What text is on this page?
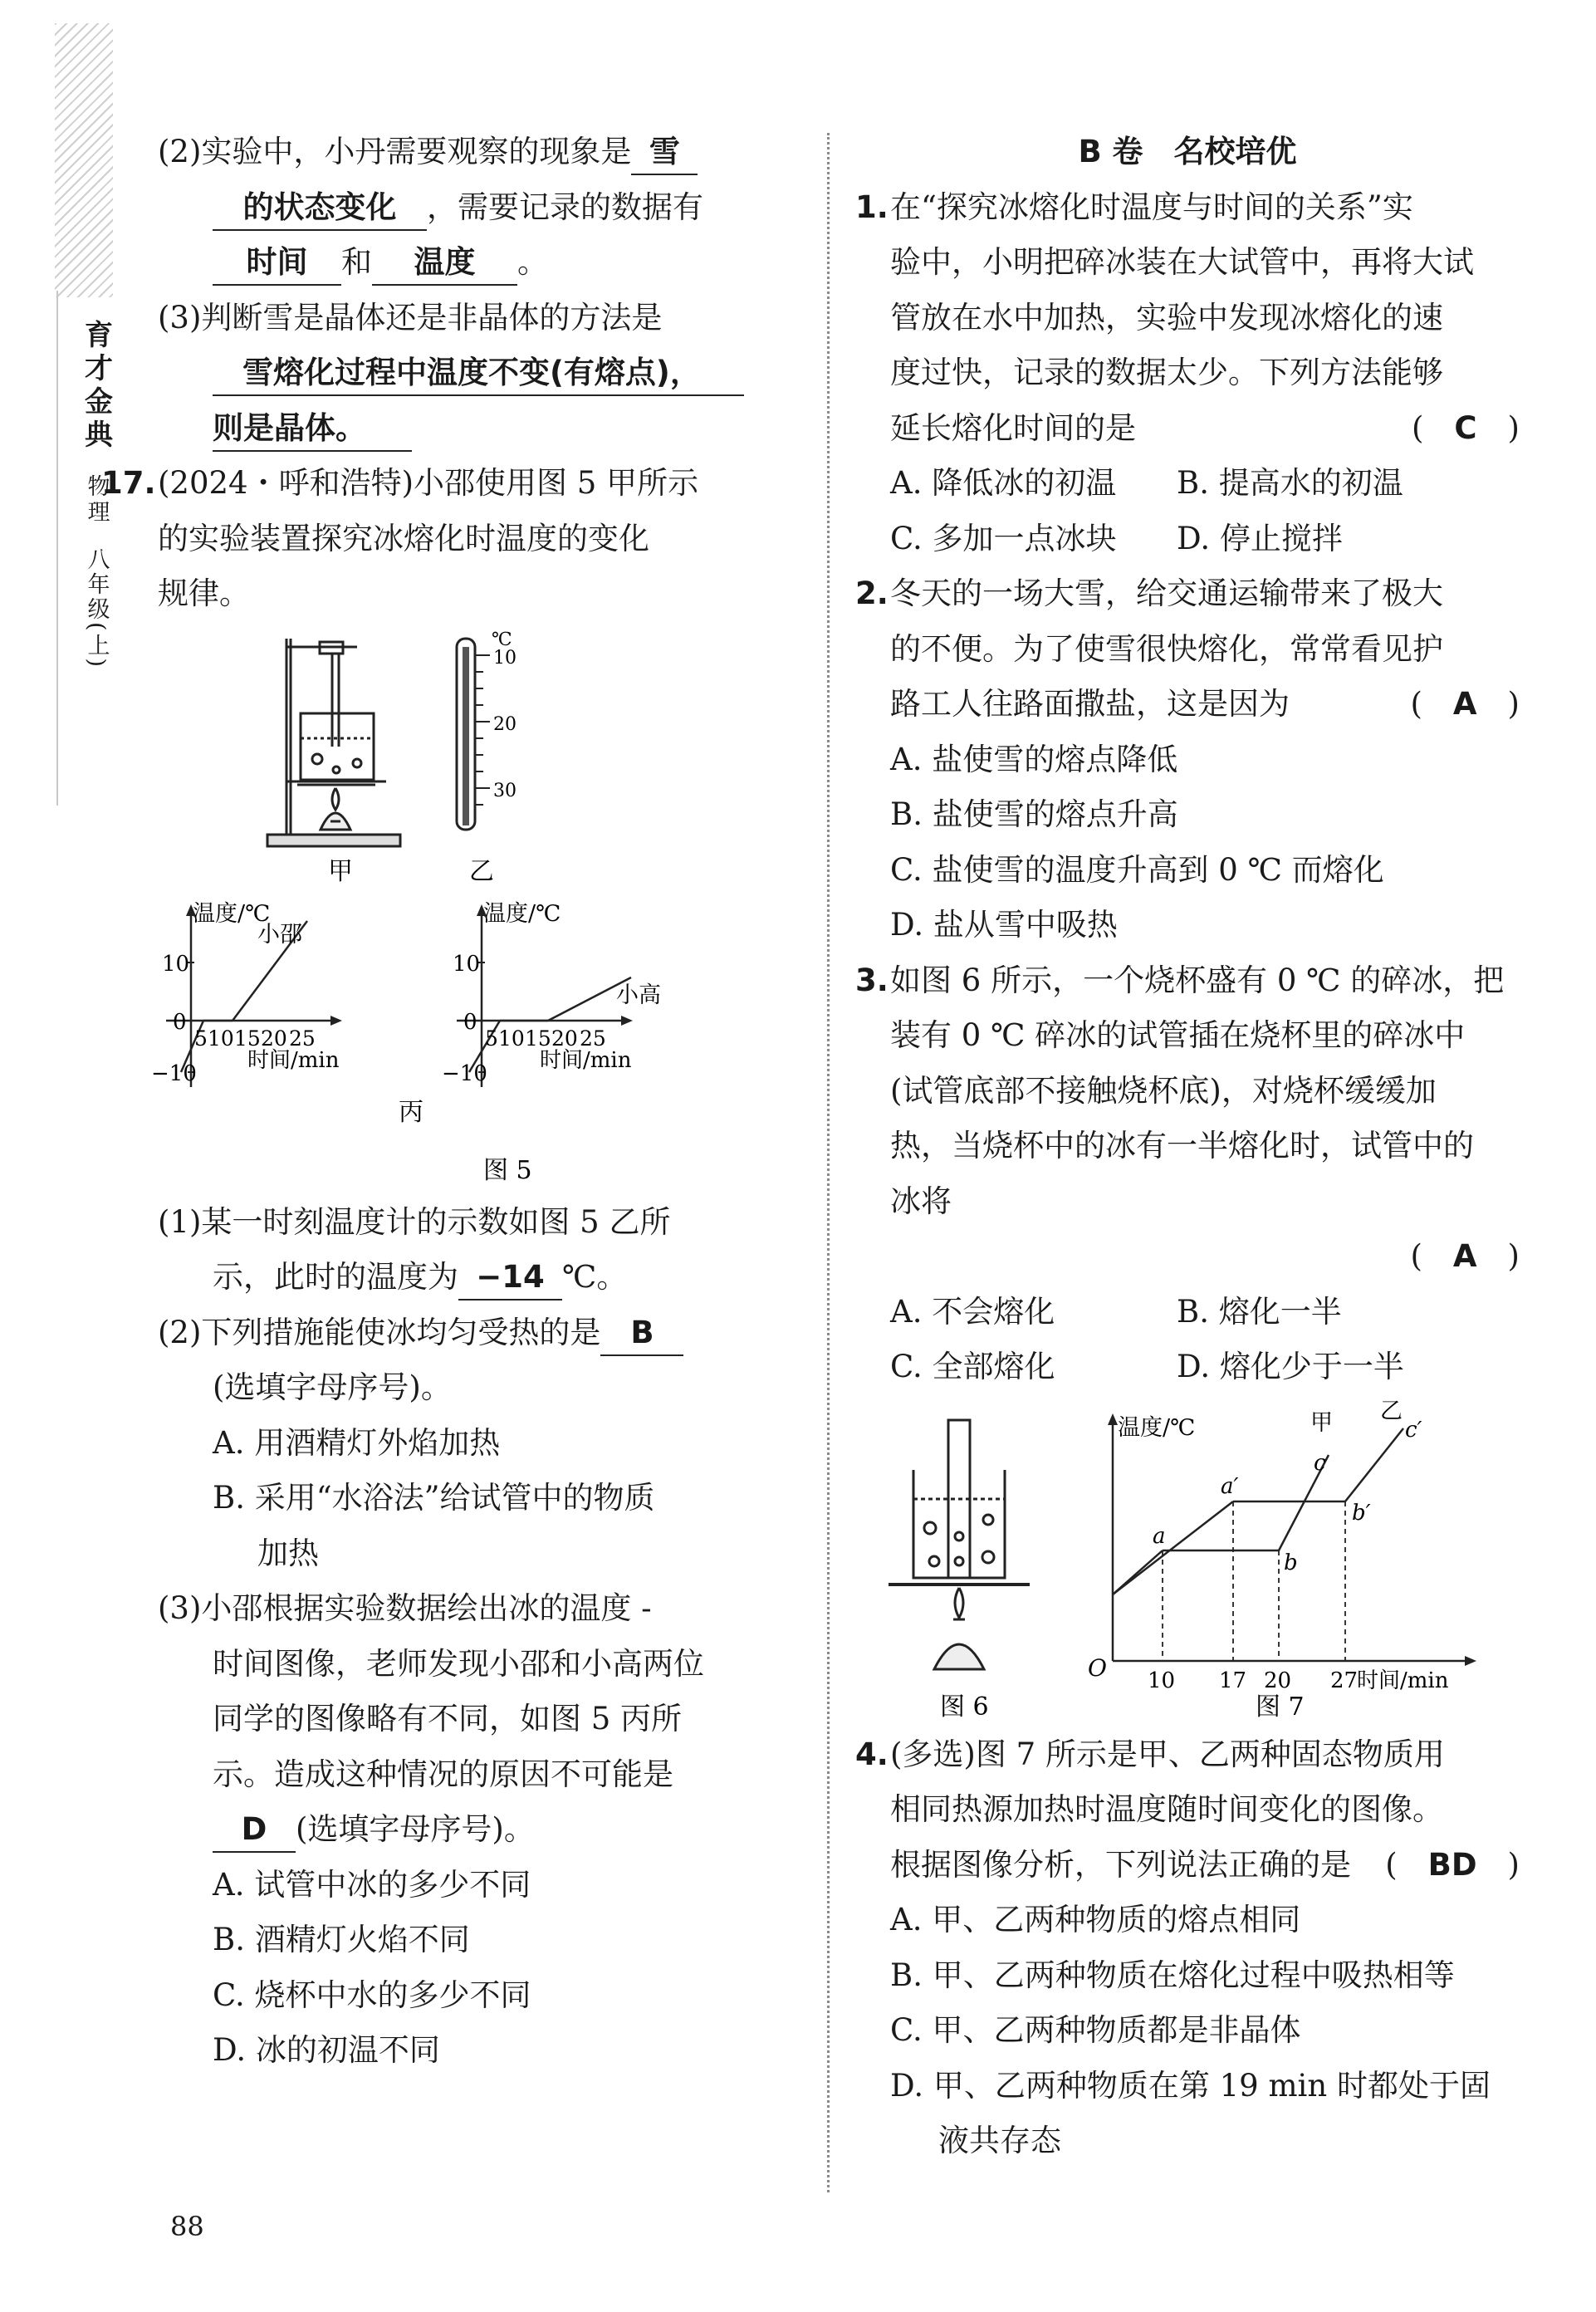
育才金典
物理
八年级(上)
(2)实验中，小丹需要观察的现象是 雪
的状态变化 ，需要记录的数据有
时间 和 温度 。
(3)判断雪是晶体还是非晶体的方法是
雪熔化过程中温度不变(有熔点)，
则是晶体。
17.(2024・呼和浩特)小邵使用图 5 甲所示
的实验装置探究冰熔化时温度的变化
规律。
甲
℃
10
20
30
乙
温度/℃
10
0
−10
5 10 15 20 25
时间/min
小邵
温度/℃
10
0
−10
5 10 15 20 25
时间/min
小高
丙
图 5
(1)某一时刻温度计的示数如图 5 乙所
示，此时的温度为 −14 ℃。
(2)下列措施能使冰均匀受热的是 B
(选填字母序号)。
A. 用酒精灯外焰加热
B. 采用“水浴法”给试管中的物质
加热
(3)小邵根据实验数据绘出冰的温度 -
时间图像，老师发现小邵和小高两位
同学的图像略有不同，如图 5 丙所
示。造成这种情况的原因不可能是
D (选填字母序号)。
A. 试管中冰的多少不同
B. 酒精灯火焰不同
C. 烧杯中水的多少不同
D. 冰的初温不同
B 卷　名校培优
1.在“探究冰熔化时温度与时间的关系”实
验中，小明把碎冰装在大试管中，再将大试
管放在水中加热，实验中发现冰熔化的速
度过快，记录的数据太少。下列方法能够
延长熔化时间的是	(　C　)
A. 降低冰的初温	B. 提高水的初温
C. 多加一点冰块	D. 停止搅拌
2.冬天的一场大雪，给交通运输带来了极大
的不便。为了使雪很快熔化，常常看见护
路工人往路面撒盐，这是因为	(　A　)
A. 盐使雪的熔点降低
B. 盐使雪的熔点升高
C. 盐使雪的温度升高到 0 ℃ 而熔化
D. 盐从雪中吸热
3.如图 6 所示，一个烧杯盛有 0 ℃ 的碎冰，把
装有 0 ℃ 碎冰的试管插在烧杯里的碎冰中
(试管底部不接触烧杯底)，对烧杯缓缓加
热，当烧杯中的冰有一半熔化时，试管中的
冰将

(　A　)
A. 不会熔化	B. 熔化一半
C. 全部熔化	D. 熔化少于一半
图 6
温度/℃
O 10 17 20 27
时间/min
甲 乙
a
a′
b
b′
c
c′
图 7
4.(多选)图 7 所示是甲、乙两种固态物质用
相同热源加热时温度随时间变化的图像。
根据图像分析，下列说法正确的是 (　BD　)
A. 甲、乙两种物质的熔点相同
B. 甲、乙两种物质在熔化过程中吸热相等
C. 甲、乙两种物质都是非晶体
D. 甲、乙两种物质在第 19 min 时都处于固
液共存态
88
